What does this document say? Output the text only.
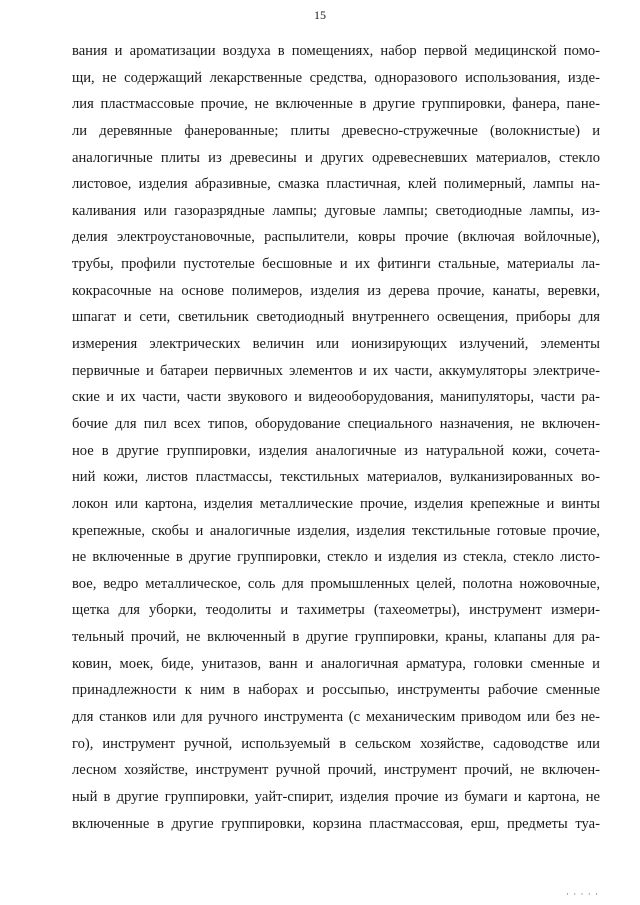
15
вания и ароматизации воздуха в помещениях, набор первой медицинской помо-
щи, не содержащий лекарственные средства, одноразового использования, изде-
лия пластмассовые прочие, не включенные в другие группировки, фанера, пане-
ли деревянные фанерованные; плиты древесно-стружечные (волокнистые) и
аналогичные плиты из древесины и других одревесневших материалов, стекло
листовое, изделия абразивные, смазка пластичная, клей полимерный, лампы на-
каливания или газоразрядные лампы; дуговые лампы; светодиодные лампы, из-
делия электроустановочные, распылители, ковры прочие (включая войлочные),
трубы, профили пустотелые бесшовные и их фитинги стальные, материалы ла-
кокрасочные на основе полимеров, изделия из дерева прочие, канаты, веревки,
шпагат и сети, светильник светодиодный внутреннего освещения, приборы для
измерения электрических величин или ионизирующих излучений, элементы
первичные и батареи первичных элементов и их части, аккумуляторы электриче-
ские и их части, части звукового и видеооборудования, манипуляторы, части ра-
бочие для пил всех типов, оборудование специального назначения, не включен-
ное в другие группировки, изделия аналогичные из натуральной кожи, сочета-
ний кожи, листов пластмассы, текстильных материалов, вулканизированных во-
локон или картона, изделия металлические прочие, изделия крепежные и винты
крепежные, скобы и аналогичные изделия, изделия текстильные готовые прочие,
не включенные в другие группировки, стекло и изделия из стекла, стекло листо-
вое, ведро металлическое, соль для промышленных целей, полотна ножовочные,
щетка для уборки, теодолиты и тахиметры (тахеометры), инструмент измери-
тельный прочий, не включенный в другие группировки, краны, клапаны для ра-
ковин, моек, биде, унитазов, ванн и аналогичная арматура, головки сменные и
принадлежности к ним в наборах и россыпью, инструменты рабочие сменные
для станков или для ручного инструмента (с механическим приводом или без не-
го), инструмент ручной, используемый в сельском хозяйстве, садоводстве или
лесном хозяйстве, инструмент ручной прочий, инструмент прочий, не включен-
ный в другие группировки, уайт-спирит, изделия прочие из бумаги и картона, не
включенные в другие группировки, корзина пластмассовая, ерш, предметы туа-
· · · · ·
